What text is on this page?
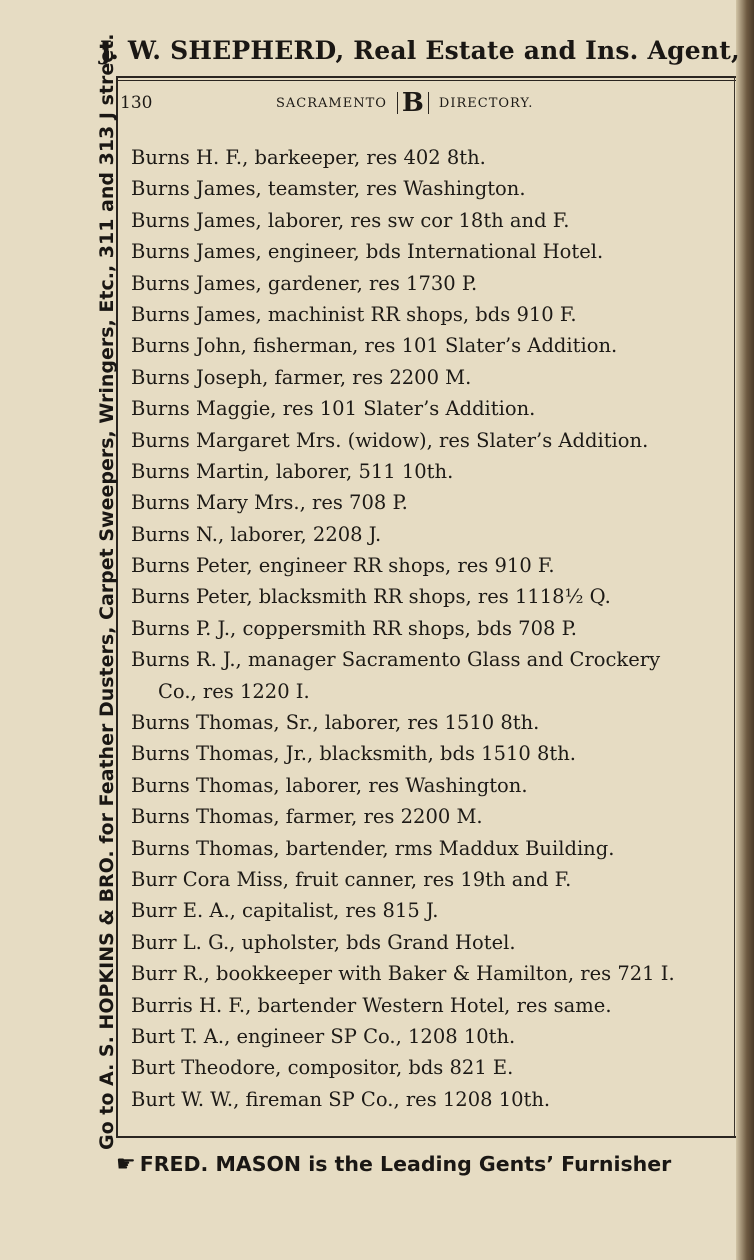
J. W. SHEPHERD, Real Estate and Ins. Agent,
Go to A. S. HOPKINS & BRO. for Feather Dusters, Carpet Sweepers, Wringers, Etc., 311 and 313 J street. 130	SACRAMENTO B	DIRECTORY.
Burns H. F., barkeeper, res 402 8th.
Burns James, teamster, res Washington.
Burns James, laborer, res sw cor 18th and F.
Burns James, engineer, bds International Hotel.
Burns James, gardener, res 1730 P.
Burns James, machinist RR shops, bds 910 F.
Burns John, fisherman, res 101 Slater’s Addition.
Burns Joseph, farmer, res 2200 M.
Burns Maggie, res 101 Slater’s Addition.
Burns Margaret Mrs. (widow), res Slater’s Addition.
Burns Martin, laborer, 511 10th.
Burns Mary Mrs., res 708 P.
Burns N., laborer, 2208 J.
Burns Peter, engineer RR shops, res 910 F.
Burns Peter, blacksmith RR shops, res 1118½ Q.
Burns P. J., coppersmith RR shops, bds 708 P.
Burns R. J., manager Sacramento Glass and Crockery
Co., res 1220 I.
Burns Thomas, Sr., laborer, res 1510 8th.
Burns Thomas, Jr., blacksmith, bds 1510 8th.
Burns Thomas, laborer, res Washington.
Burns Thomas, farmer, res 2200 M.
Burns Thomas, bartender, rms Maddux Building.
Burr Cora Miss, fruit canner, res 19th and F.
Burr E. A., capitalist, res 815 J.
Burr L. G., upholster, bds Grand Hotel.
Burr R., bookkeeper with Baker & Hamilton, res 721 I.
Burris H. F., bartender Western Hotel, res same.
Burt T. A., engineer SP Co., 1208 10th.
Burt Theodore, compositor, bds 821 E.
Burt W. W., fireman SP Co., res 1208 10th.
☛ FRED. MASON is the Leading Gents’ Furnisher
